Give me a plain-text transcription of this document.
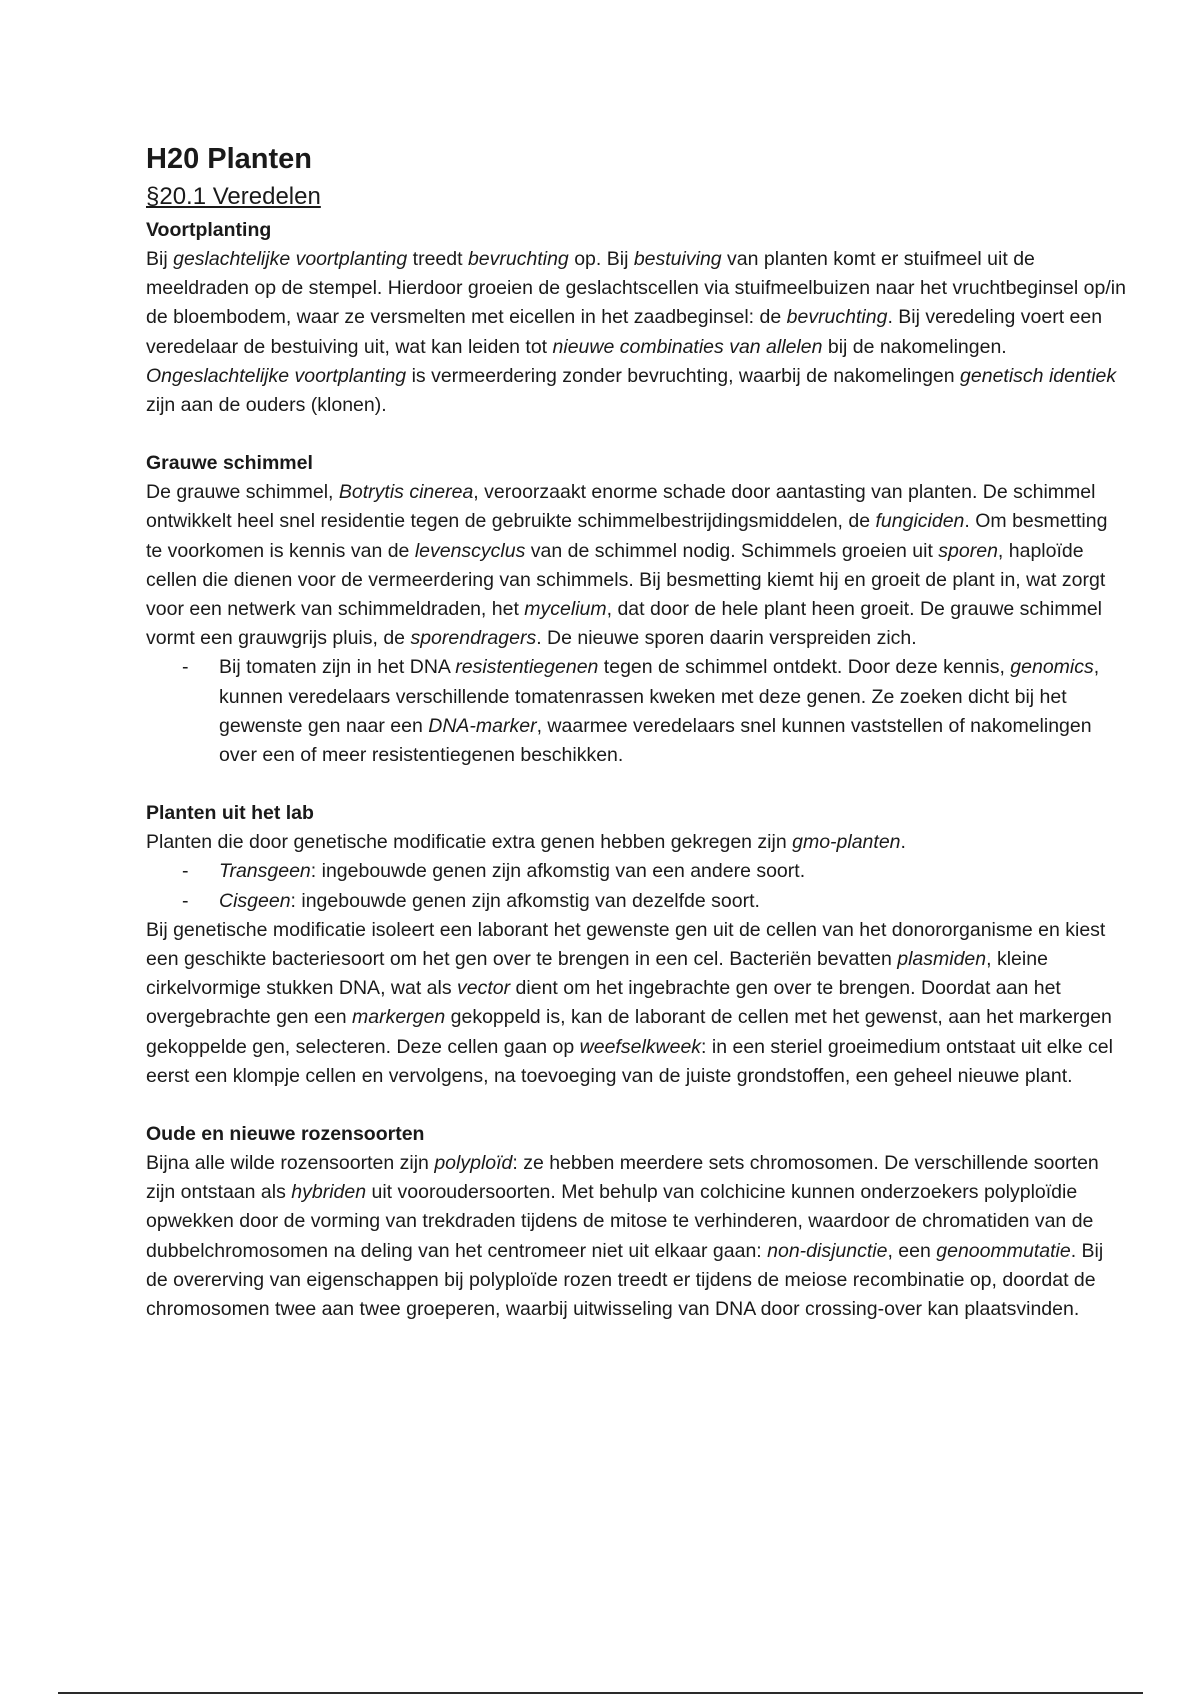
H20 Planten
§20.1 Veredelen
Voortplanting

Bij geslachtelijke voortplanting treedt bevruchting op. Bij bestuiving van planten komt er stuifmeel uit de meeldraden op de stempel. Hierdoor groeien de geslachtscellen via stuifmeelbuizen naar het vruchtbeginsel op/in de bloembodem, waar ze versmelten met eicellen in het zaadbeginsel: de bevruchting. Bij veredeling voert een veredelaar de bestuiving uit, wat kan leiden tot nieuwe combinaties van allelen bij de nakomelingen. Ongeslachtelijke voortplanting is vermeerdering zonder bevruchting, waarbij de nakomelingen genetisch identiek zijn aan de ouders (klonen).

Grauwe schimmel

De grauwe schimmel, Botrytis cinerea, veroorzaakt enorme schade door aantasting van planten. De schimmel ontwikkelt heel snel residentie tegen de gebruikte schimmelbestrijdingsmiddelen, de fungiciden. Om besmetting te voorkomen is kennis van de levenscyclus van de schimmel nodig. Schimmels groeien uit sporen, haploïde cellen die dienen voor de vermeerdering van schimmels. Bij besmetting kiemt hij en groeit de plant in, wat zorgt voor een netwerk van schimmeldraden, het mycelium, dat door de hele plant heen groeit. De grauwe schimmel vormt een grauwgrijs pluis, de sporendragers. De nieuwe sporen daarin verspreiden zich.

- Bij tomaten zijn in het DNA resistentiegenen tegen de schimmel ontdekt. Door deze kennis, genomics, kunnen veredelaars verschillende tomatenrassen kweken met deze genen. Ze zoeken dicht bij het gewenste gen naar een DNA-marker, waarmee veredelaars snel kunnen vaststellen of nakomelingen over een of meer resistentiegenen beschikken.
Planten uit het lab

Planten die door genetische modificatie extra genen hebben gekregen zijn gmo-planten.

- Transgeen: ingebouwde genen zijn afkomstig van een andere soort.
- Cisgeen: ingebouwde genen zijn afkomstig van dezelfde soort.

Bij genetische modificatie isoleert een laborant het gewenste gen uit de cellen van het donororganisme en kiest een geschikte bacteriesoort om het gen over te brengen in een cel. Bacteriën bevatten plasmiden, kleine cirkelvormige stukken DNA, wat als vector dient om het ingebrachte gen over te brengen. Doordat aan het overgebrachte gen een markergen gekoppeld is, kan de laborant de cellen met het gewenst, aan het markergen gekoppelde gen, selecteren. Deze cellen gaan op weefselkweek: in een steriel groeimedium ontstaat uit elke cel eerst een klompje cellen en vervolgens, na toevoeging van de juiste grondstoffen, een geheel nieuwe plant.

Oude en nieuwe rozensoorten

Bijna alle wilde rozensoorten zijn polyploïd: ze hebben meerdere sets chromosomen. De verschillende soorten zijn ontstaan als hybriden uit vooroudersoorten. Met behulp van colchicine kunnen onderzoekers polyploïdie opwekken door de vorming van trekdraden tijdens de mitose te verhinderen, waardoor de chromatiden van de dubbelchromosomen na deling van het centromeer niet uit elkaar gaan: non-disjunctie, een genoommutatie. Bij de overerving van eigenschappen bij polyploïde rozen treedt er tijdens de meiose recombinatie op, doordat de chromosomen twee aan twee groeperen, waarbij uitwisseling van DNA door crossing-over kan plaatsvinden.
